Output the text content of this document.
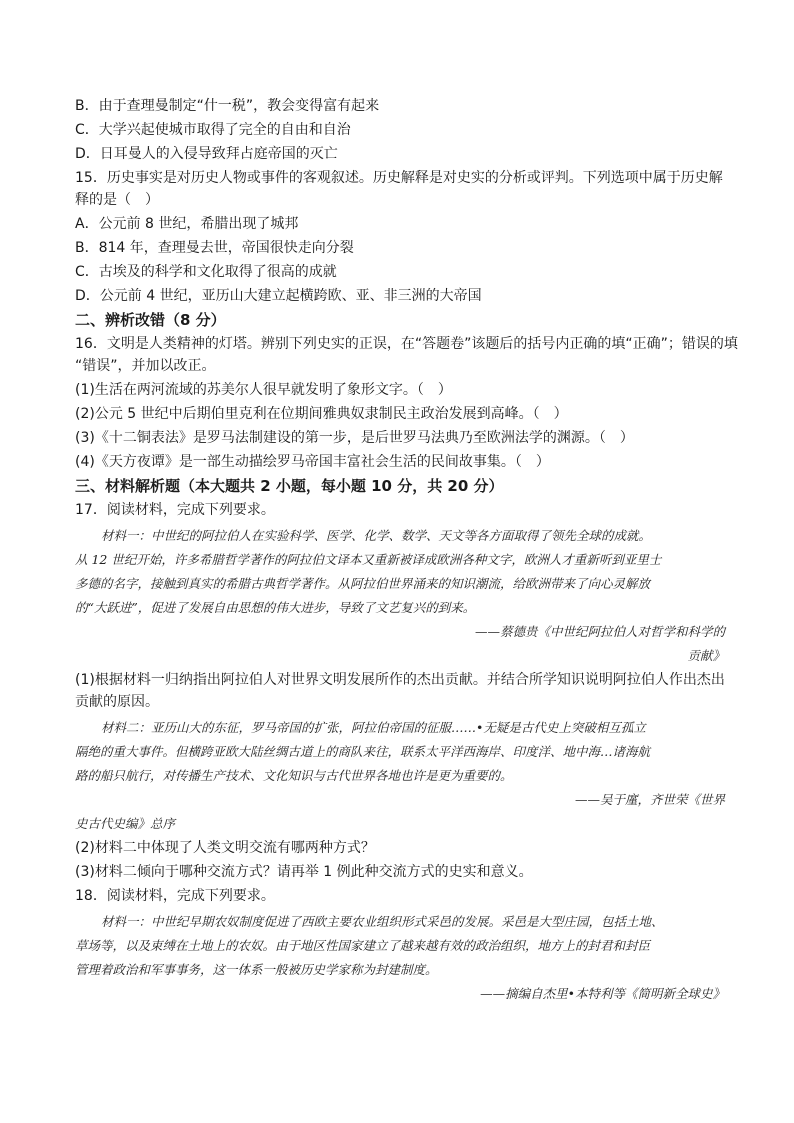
B．由于查理曼制定“什一税”，教会变得富有起来
C．大学兴起使城市取得了完全的自由和自治
D．日耳曼人的入侵导致拜占庭帝国的灭亡
15．历史事实是对历史人物或事件的客观叙述。历史解释是对史实的分析或评判。下列选项中属于历史解
释的是（　）
A．公元前 8 世纪，希腊出现了城邦
B．814 年，查理曼去世，帝国很快走向分裂
C．古埃及的科学和文化取得了很高的成就
D．公元前 4 世纪，亚历山大建立起横跨欧、亚、非三洲的大帝国
二、辨析改错（8 分）
16．文明是人类精神的灯塔。辨别下列史实的正误，在“答题卷”该题后的括号内正确的填“正确”；错误的填
“错误”，并加以改正。
(1)生活在两河流域的苏美尔人很早就发明了象形文字。（　）
(2)公元 5 世纪中后期伯里克利在位期间雅典奴隶制民主政治发展到高峰。（　）
(3)《十二铜表法》是罗马法制建设的第一步，是后世罗马法典乃至欧洲法学的渊源。（　）
(4)《天方夜谭》是一部生动描绘罗马帝国丰富社会生活的民间故事集。（　）
三、材料解析题（本大题共 2 小题，每小题 10 分，共 20 分）
17．阅读材料，完成下列要求。
材料一：中世纪的阿拉伯人在实验科学、医学、化学、数学、天文等各方面取得了领先全球的成就。
从 12 世纪开始，许多希腊哲学著作的阿拉伯文译本又重新被译成欧洲各种文字，欧洲人才重新听到亚里士
多德的名字，接触到真实的希腊古典哲学著作。从阿拉伯世界涌来的知识潮流，给欧洲带来了向心灵解放
的“大跃进”，促进了发展自由思想的伟大进步，导致了文艺复兴的到来。
——蔡德贵《中世纪阿拉伯人对哲学和科学的
贡献》
(1)根据材料一归纳指出阿拉伯人对世界文明发展所作的杰出贡献。并结合所学知识说明阿拉伯人作出杰出
贡献的原因。
材料二：亚历山大的东征，罗马帝国的扩张，阿拉伯帝国的征服……•无疑是古代史上突破相互孤立
隔绝的重大事件。但横跨亚欧大陆丝绸古道上的商队来往，联系太平洋西海岸、印度洋、地中海…诸海航
路的船只航行，对传播生产技术、文化知识与古代世界各地也许是更为重要的。
——吴于廑，齐世荣《世界
史古代史编》总序
(2)材料二中体现了人类文明交流有哪两种方式？
(3)材料二倾向于哪种交流方式？请再举 1 例此种交流方式的史实和意义。
18．阅读材料，完成下列要求。
材料一：中世纪早期农奴制度促进了西欧主要农业组织形式采邑的发展。采邑是大型庄园，包括土地、
草场等，以及束缚在土地上的农奴。由于地区性国家建立了越来越有效的政治组织，地方上的封君和封臣
管理着政治和军事事务，这一体系一般被历史学家称为封建制度。
——摘编自杰里•本特利等《简明新全球史》
